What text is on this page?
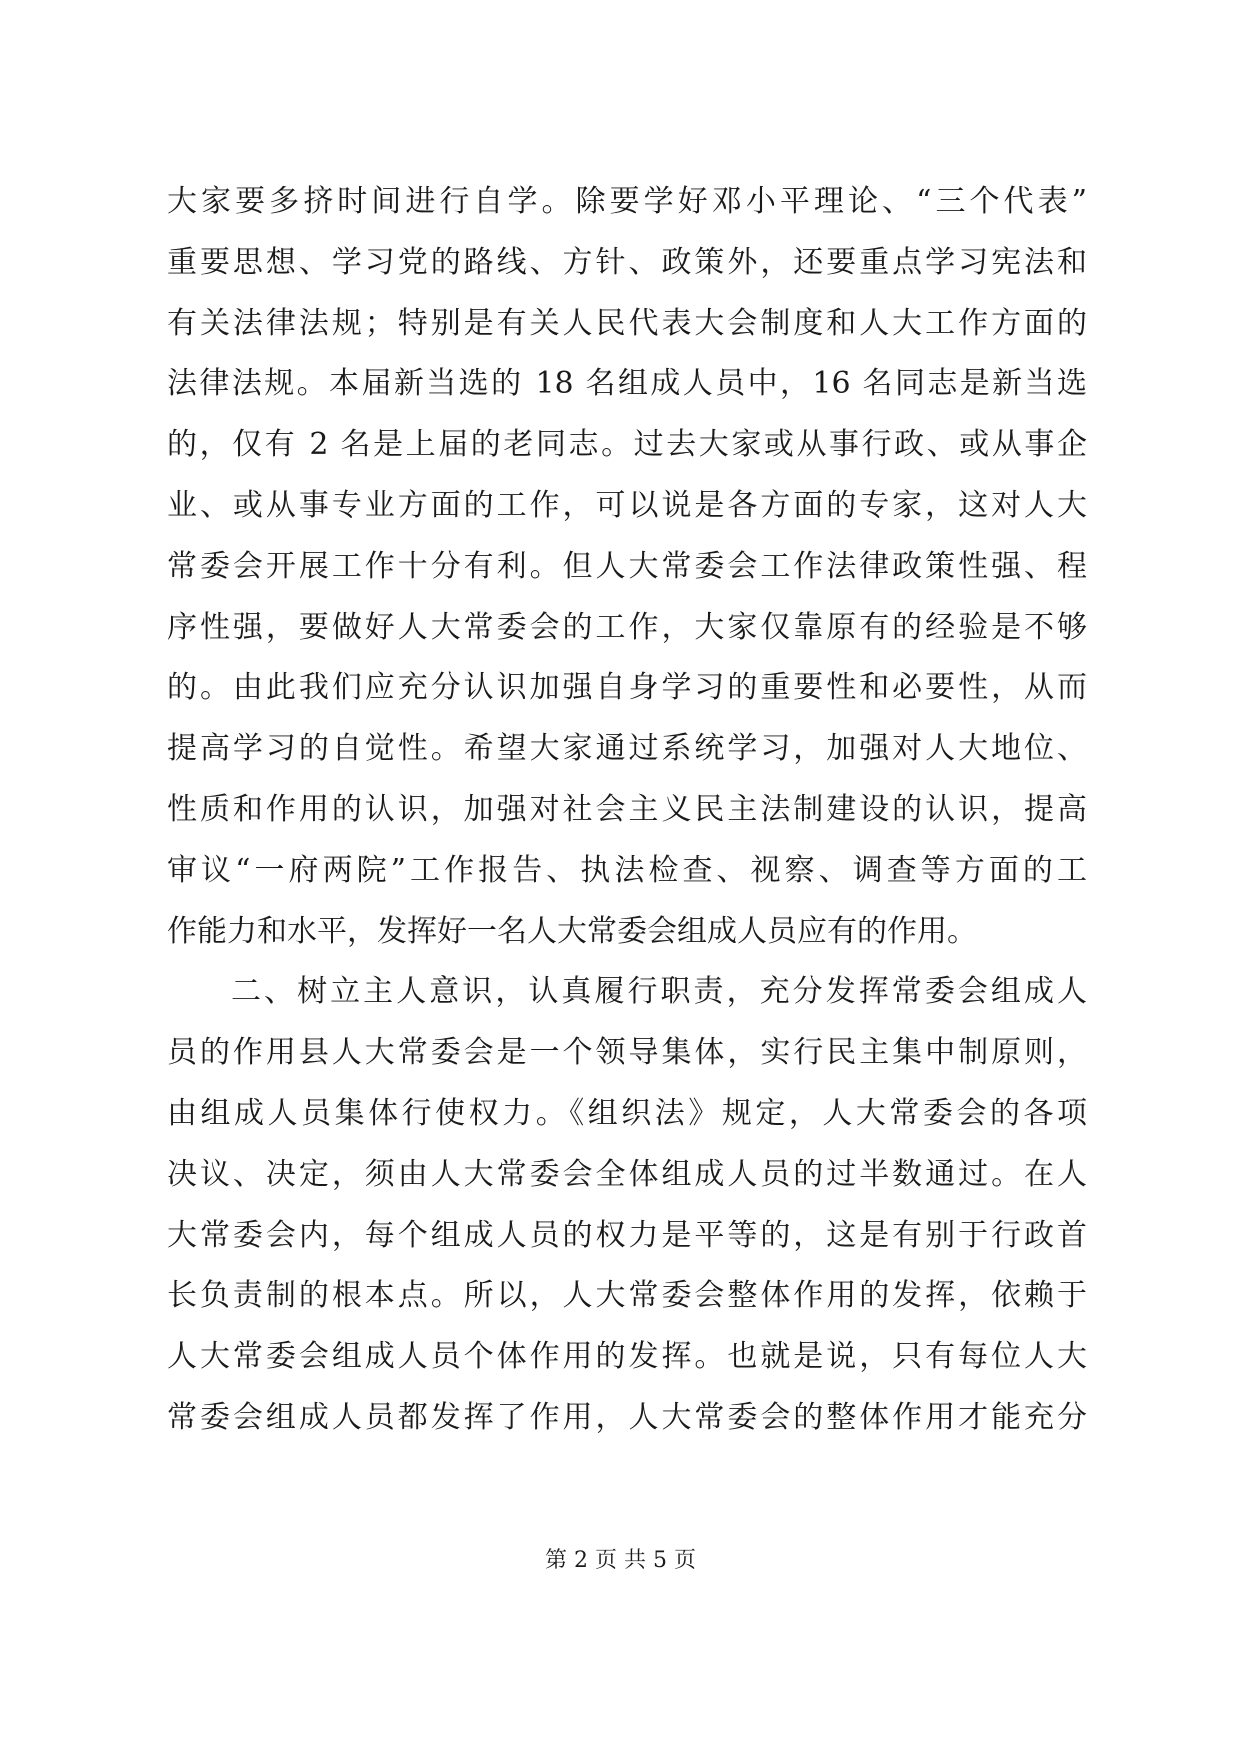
大家要多挤时间进行自学。除要学好邓小平理论、“三个代表”
重要思想、学习党的路线、方针、政策外，还要重点学习宪法和
有关法律法规；特别是有关人民代表大会制度和人大工作方面的
法律法规。本届新当选的 18 名组成人员中，16 名同志是新当选
的，仅有 2 名是上届的老同志。过去大家或从事行政、或从事企
业、或从事专业方面的工作，可以说是各方面的专家，这对人大
常委会开展工作十分有利。但人大常委会工作法律政策性强、程
序性强，要做好人大常委会的工作，大家仅靠原有的经验是不够
的。由此我们应充分认识加强自身学习的重要性和必要性，从而
提高学习的自觉性。希望大家通过系统学习，加强对人大地位、
性质和作用的认识，加强对社会主义民主法制建设的认识，提高
审议“一府两院”工作报告、执法检查、视察、调查等方面的工
作能力和水平，发挥好一名人大常委会组成人员应有的作用。
二、树立主人意识，认真履行职责，充分发挥常委会组成人
员的作用县人大常委会是一个领导集体，实行民主集中制原则，
由组成人员集体行使权力。《组织法》规定，人大常委会的各项
决议、决定，须由人大常委会全体组成人员的过半数通过。在人
大常委会内，每个组成人员的权力是平等的，这是有别于行政首
长负责制的根本点。所以，人大常委会整体作用的发挥，依赖于
人大常委会组成人员个体作用的发挥。也就是说，只有每位人大
常委会组成人员都发挥了作用，人大常委会的整体作用才能充分
第 2 页 共 5 页
